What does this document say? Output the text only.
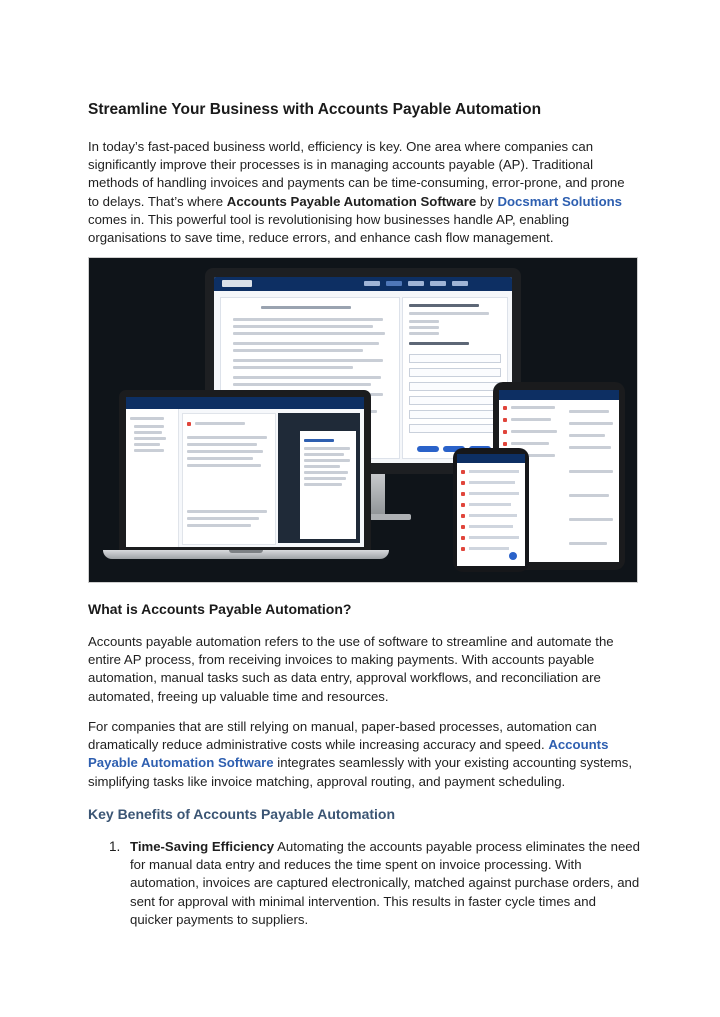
Streamline Your Business with Accounts Payable Automation

In today’s fast-paced business world, efficiency is key. One area where companies can significantly improve their processes is in managing accounts payable (AP). Traditional methods of handling invoices and payments can be time-consuming, error-prone, and prone to delays. That’s where Accounts Payable Automation Software by Docsmart Solutions comes in. This powerful tool is revolutionising how businesses handle AP, enabling organisations to save time, reduce errors, and enhance cash flow management.

What is Accounts Payable Automation?

Accounts payable automation refers to the use of software to streamline and automate the entire AP process, from receiving invoices to making payments. With accounts payable automation, manual tasks such as data entry, approval workflows, and reconciliation are automated, freeing up valuable time and resources.

For companies that are still relying on manual, paper-based processes, automation can dramatically reduce administrative costs while increasing accuracy and speed. Accounts Payable Automation Software integrates seamlessly with your existing accounting systems, simplifying tasks like invoice matching, approval routing, and payment scheduling.

Key Benefits of Accounts Payable Automation
1. Time-Saving Efficiency Automating the accounts payable process eliminates the need for manual data entry and reduces the time spent on invoice processing. With automation, invoices are captured electronically, matched against purchase orders, and sent for approval with minimal intervention. This results in faster cycle times and quicker payments to suppliers.
